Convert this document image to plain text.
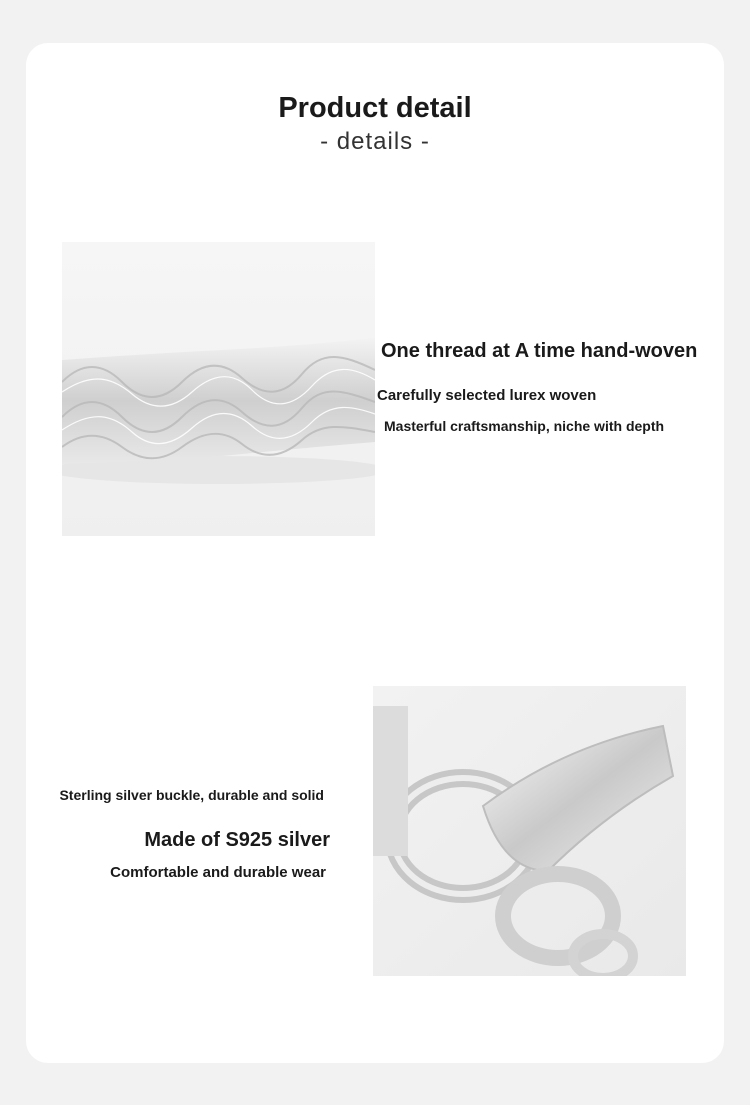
Product detail
- details -
One thread at A time hand-woven
Carefully selected lurex woven
Masterful craftsmanship, niche with depth
Sterling silver buckle, durable and solid
Made of S925 silver
Comfortable and durable wear
